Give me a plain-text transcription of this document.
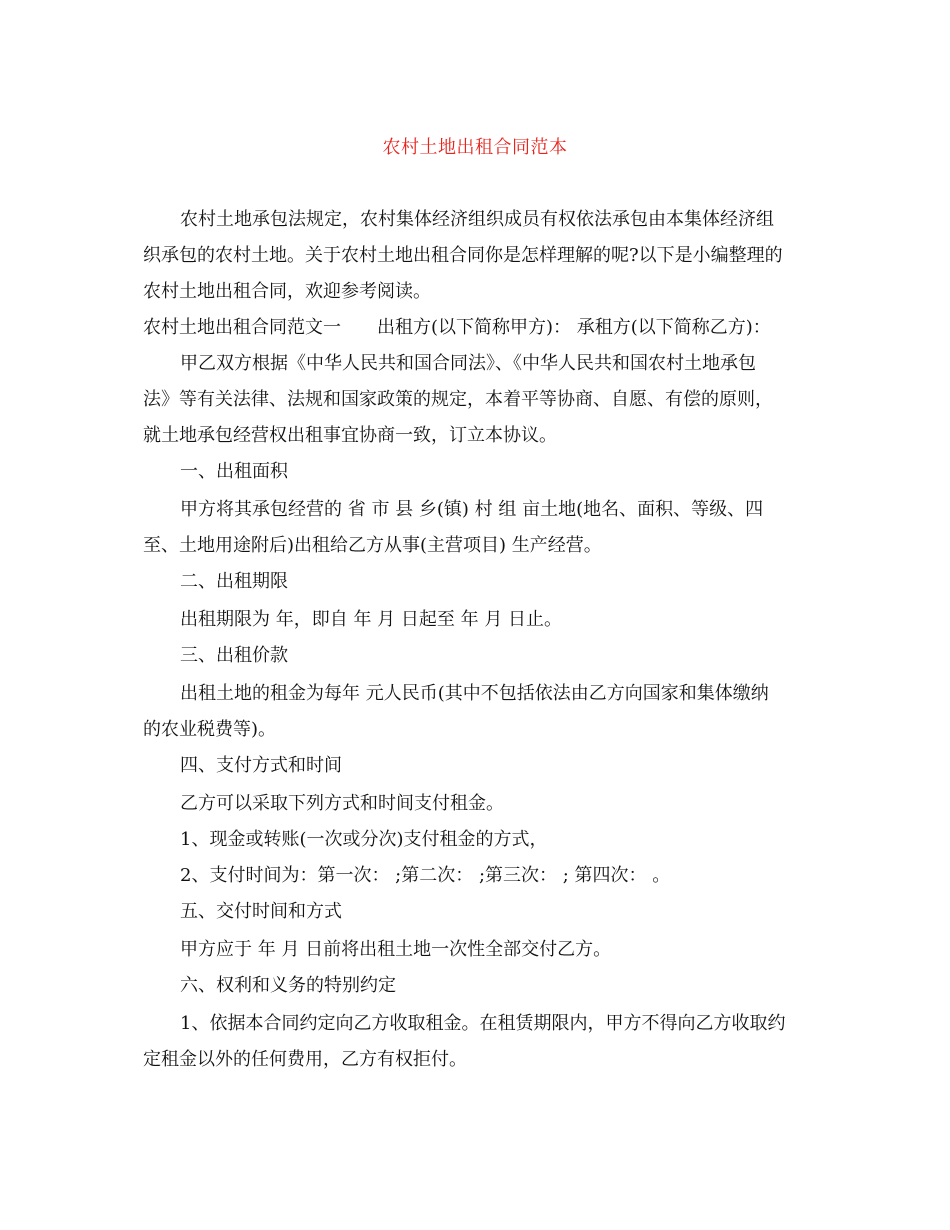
农村土地出租合同范本
农村土地承包法规定，农村集体经济组织成员有权依法承包由本集体经济组
织承包的农村土地。关于农村土地出租合同你是怎样理解的呢?以下是小编整理的
农村土地出租合同，欢迎参考阅读。
农村土地出租合同范文一　　出租方(以下简称甲方)： 承租方(以下简称乙方)：
甲乙双方根据《中华人民共和国合同法》、《中华人民共和国农村土地承包
法》等有关法律、法规和国家政策的规定，本着平等协商、自愿、有偿的原则，
就土地承包经营权出租事宜协商一致，订立本协议。
一、出租面积
甲方将其承包经营的 省 市 县 乡(镇) 村 组 亩土地(地名、面积、等级、四
至、土地用途附后)出租给乙方从事(主营项目) 生产经营。
二、出租期限
出租期限为 年，即自 年 月 日起至 年 月 日止。
三、出租价款
出租土地的租金为每年 元人民币(其中不包括依法由乙方向国家和集体缴纳
的农业税费等)。
四、支付方式和时间
乙方可以采取下列方式和时间支付租金。
1、现金或转账(一次或分次)支付租金的方式，
2、支付时间为：第一次： ;第二次： ;第三次： ; 第四次： 。
五、交付时间和方式
甲方应于 年 月 日前将出租土地一次性全部交付乙方。
六、权利和义务的特别约定
1、依据本合同约定向乙方收取租金。在租赁期限内，甲方不得向乙方收取约
定租金以外的任何费用，乙方有权拒付。
